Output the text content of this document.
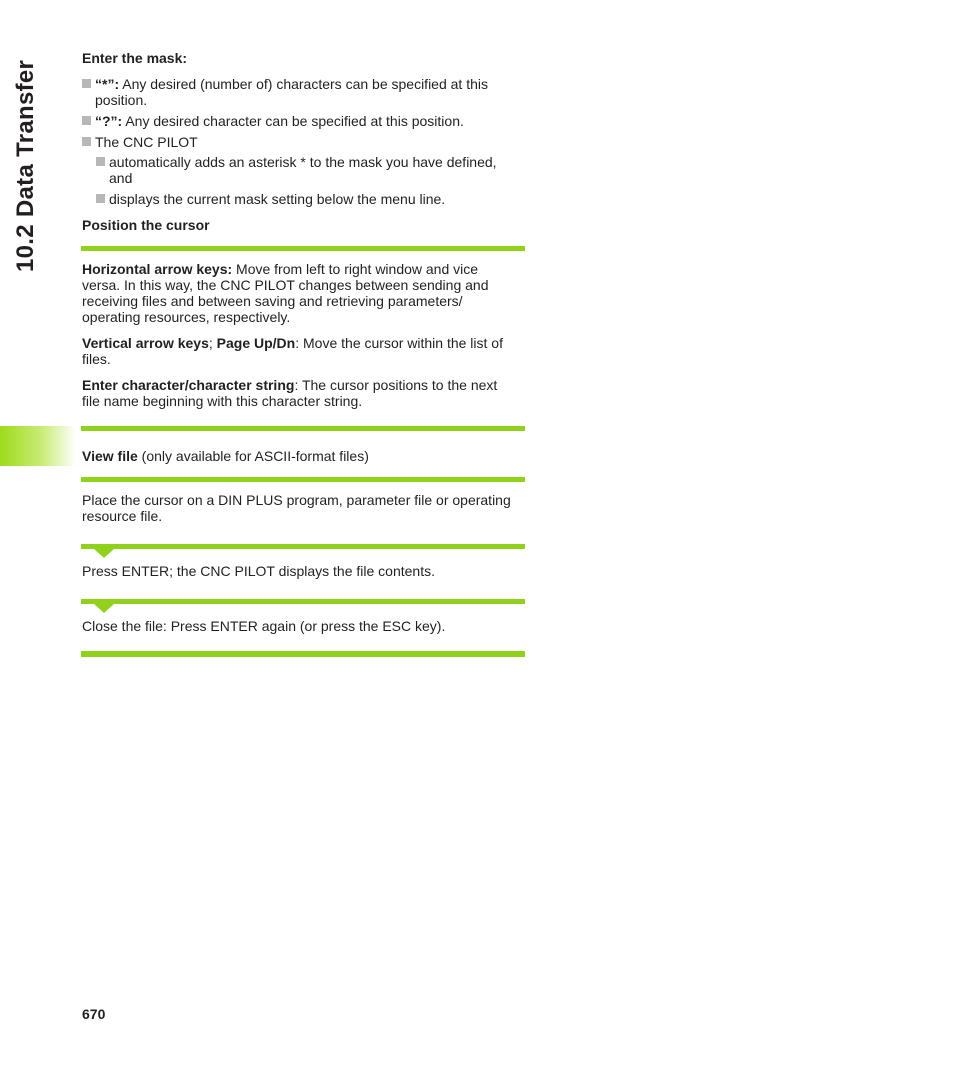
10.2 Data Transfer

Enter the mask:

“*”: Any desired (number of) characters can be specified at this
position.
“?”: Any desired character can be specified at this position.
The CNC PILOT
automatically adds an asterisk * to the mask you have defined,
and
displays the current mask setting below the menu line.

Position the cursor

Horizontal arrow keys: Move from left to right window and vice
versa. In this way, the CNC PILOT changes between sending and
receiving files and between saving and retrieving parameters/
operating resources, respectively.
Vertical arrow keys; Page Up/Dn: Move the cursor within the list of
files.
Enter character/character string: The cursor positions to the next
file name beginning with this character string.

View file (only available for ASCII-format files)

Place the cursor on a DIN PLUS program, parameter file or operating
resource file.

Press ENTER; the CNC PILOT displays the file contents.

Close the file: Press ENTER again (or press the ESC key).

670
